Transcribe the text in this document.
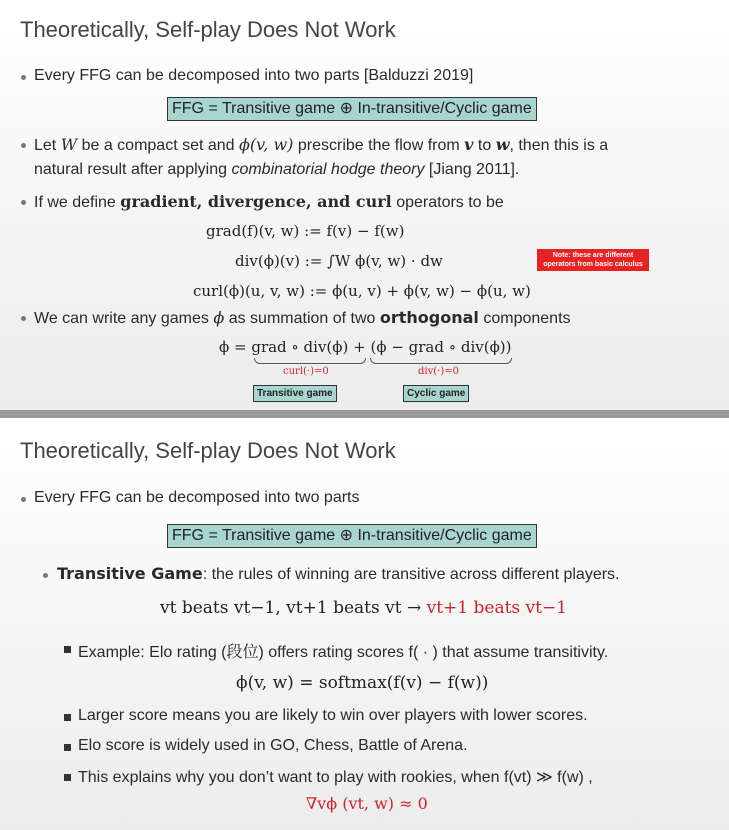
Theoretically, Self-play Does Not Work
Every FFG can be decomposed into two parts [Balduzzi 2019]
FFG = Transitive game ⊕ In-transitive/Cyclic game
Let W be a compact set and ϕ(v, w) prescribe the flow from v to w, then this is a
natural result after applying combinatorial hodge theory [Jiang 2011].
If we define gradient, divergence, and curl operators to be
grad(f)(v, w) := f(v) − f(w)
div(ϕ)(v) := ∫W ϕ(v, w) · dw	Note: these are different operators from basic calculus
curl(ϕ)(u, v, w) := ϕ(u, v) + ϕ(v, w) − ϕ(u, w)
We can write any games ϕ as summation of two orthogonal components
ϕ = grad ∘ div(ϕ) + (ϕ − grad ∘ div(ϕ))
curl(·)=0	div(·)=0
Transitive game	Cyclic game
Theoretically, Self-play Does Not Work
Every FFG can be decomposed into two parts
FFG = Transitive game ⊕ In-transitive/Cyclic game
Transitive Game: the rules of winning are transitive across different players.
vt beats vt−1, vt+1 beats vt → vt+1 beats vt−1
Example: Elo rating (段位) offers rating scores f( · ) that assume transitivity.
ϕ(v, w) = softmax(f(v) − f(w))
Larger score means you are likely to win over players with lower scores.
Elo score is widely used in GO, Chess, Battle of Arena.
This explains why you don’t want to play with rookies, when f(vt) ≫ f(w) ,
∇vϕ (vt, w) ≈ 0
